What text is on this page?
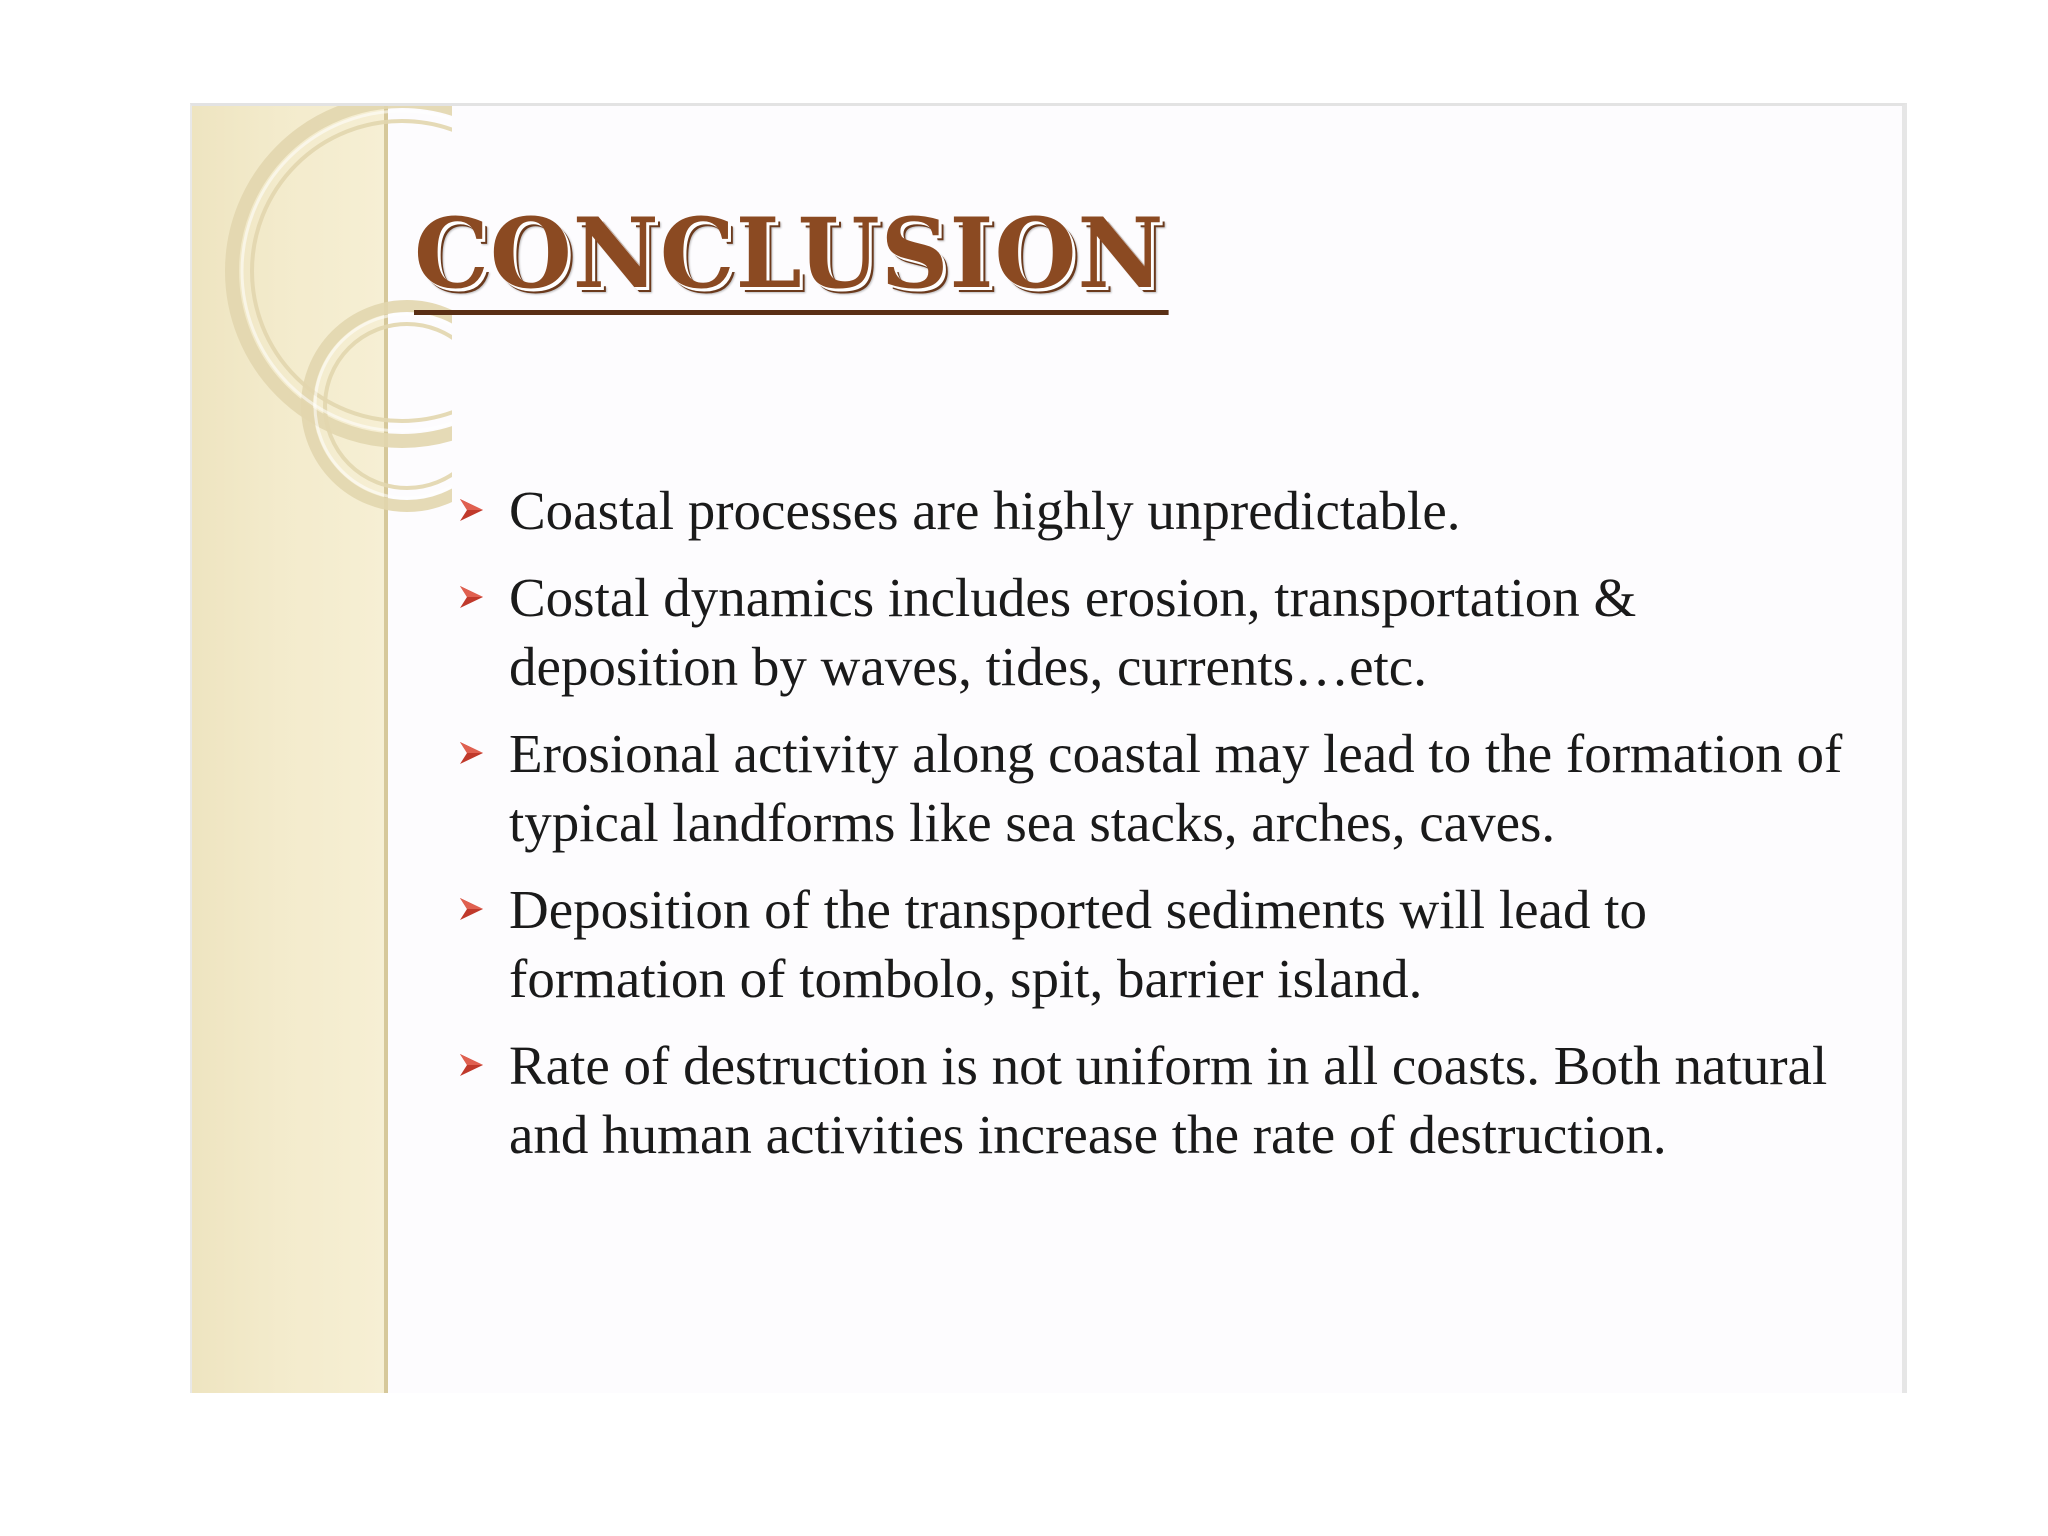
CONCLUSION
Coastal processes are highly unpredictable.
Costal dynamics includes erosion, transportation & deposition by waves, tides, currents…etc.
Erosional activity along coastal may lead to the formation of typical landforms like sea stacks, arches, caves.
Deposition of the transported sediments will lead to formation of tombolo, spit, barrier island.
Rate of destruction is not uniform in all coasts. Both natural and human activities increase the rate of destruction.
